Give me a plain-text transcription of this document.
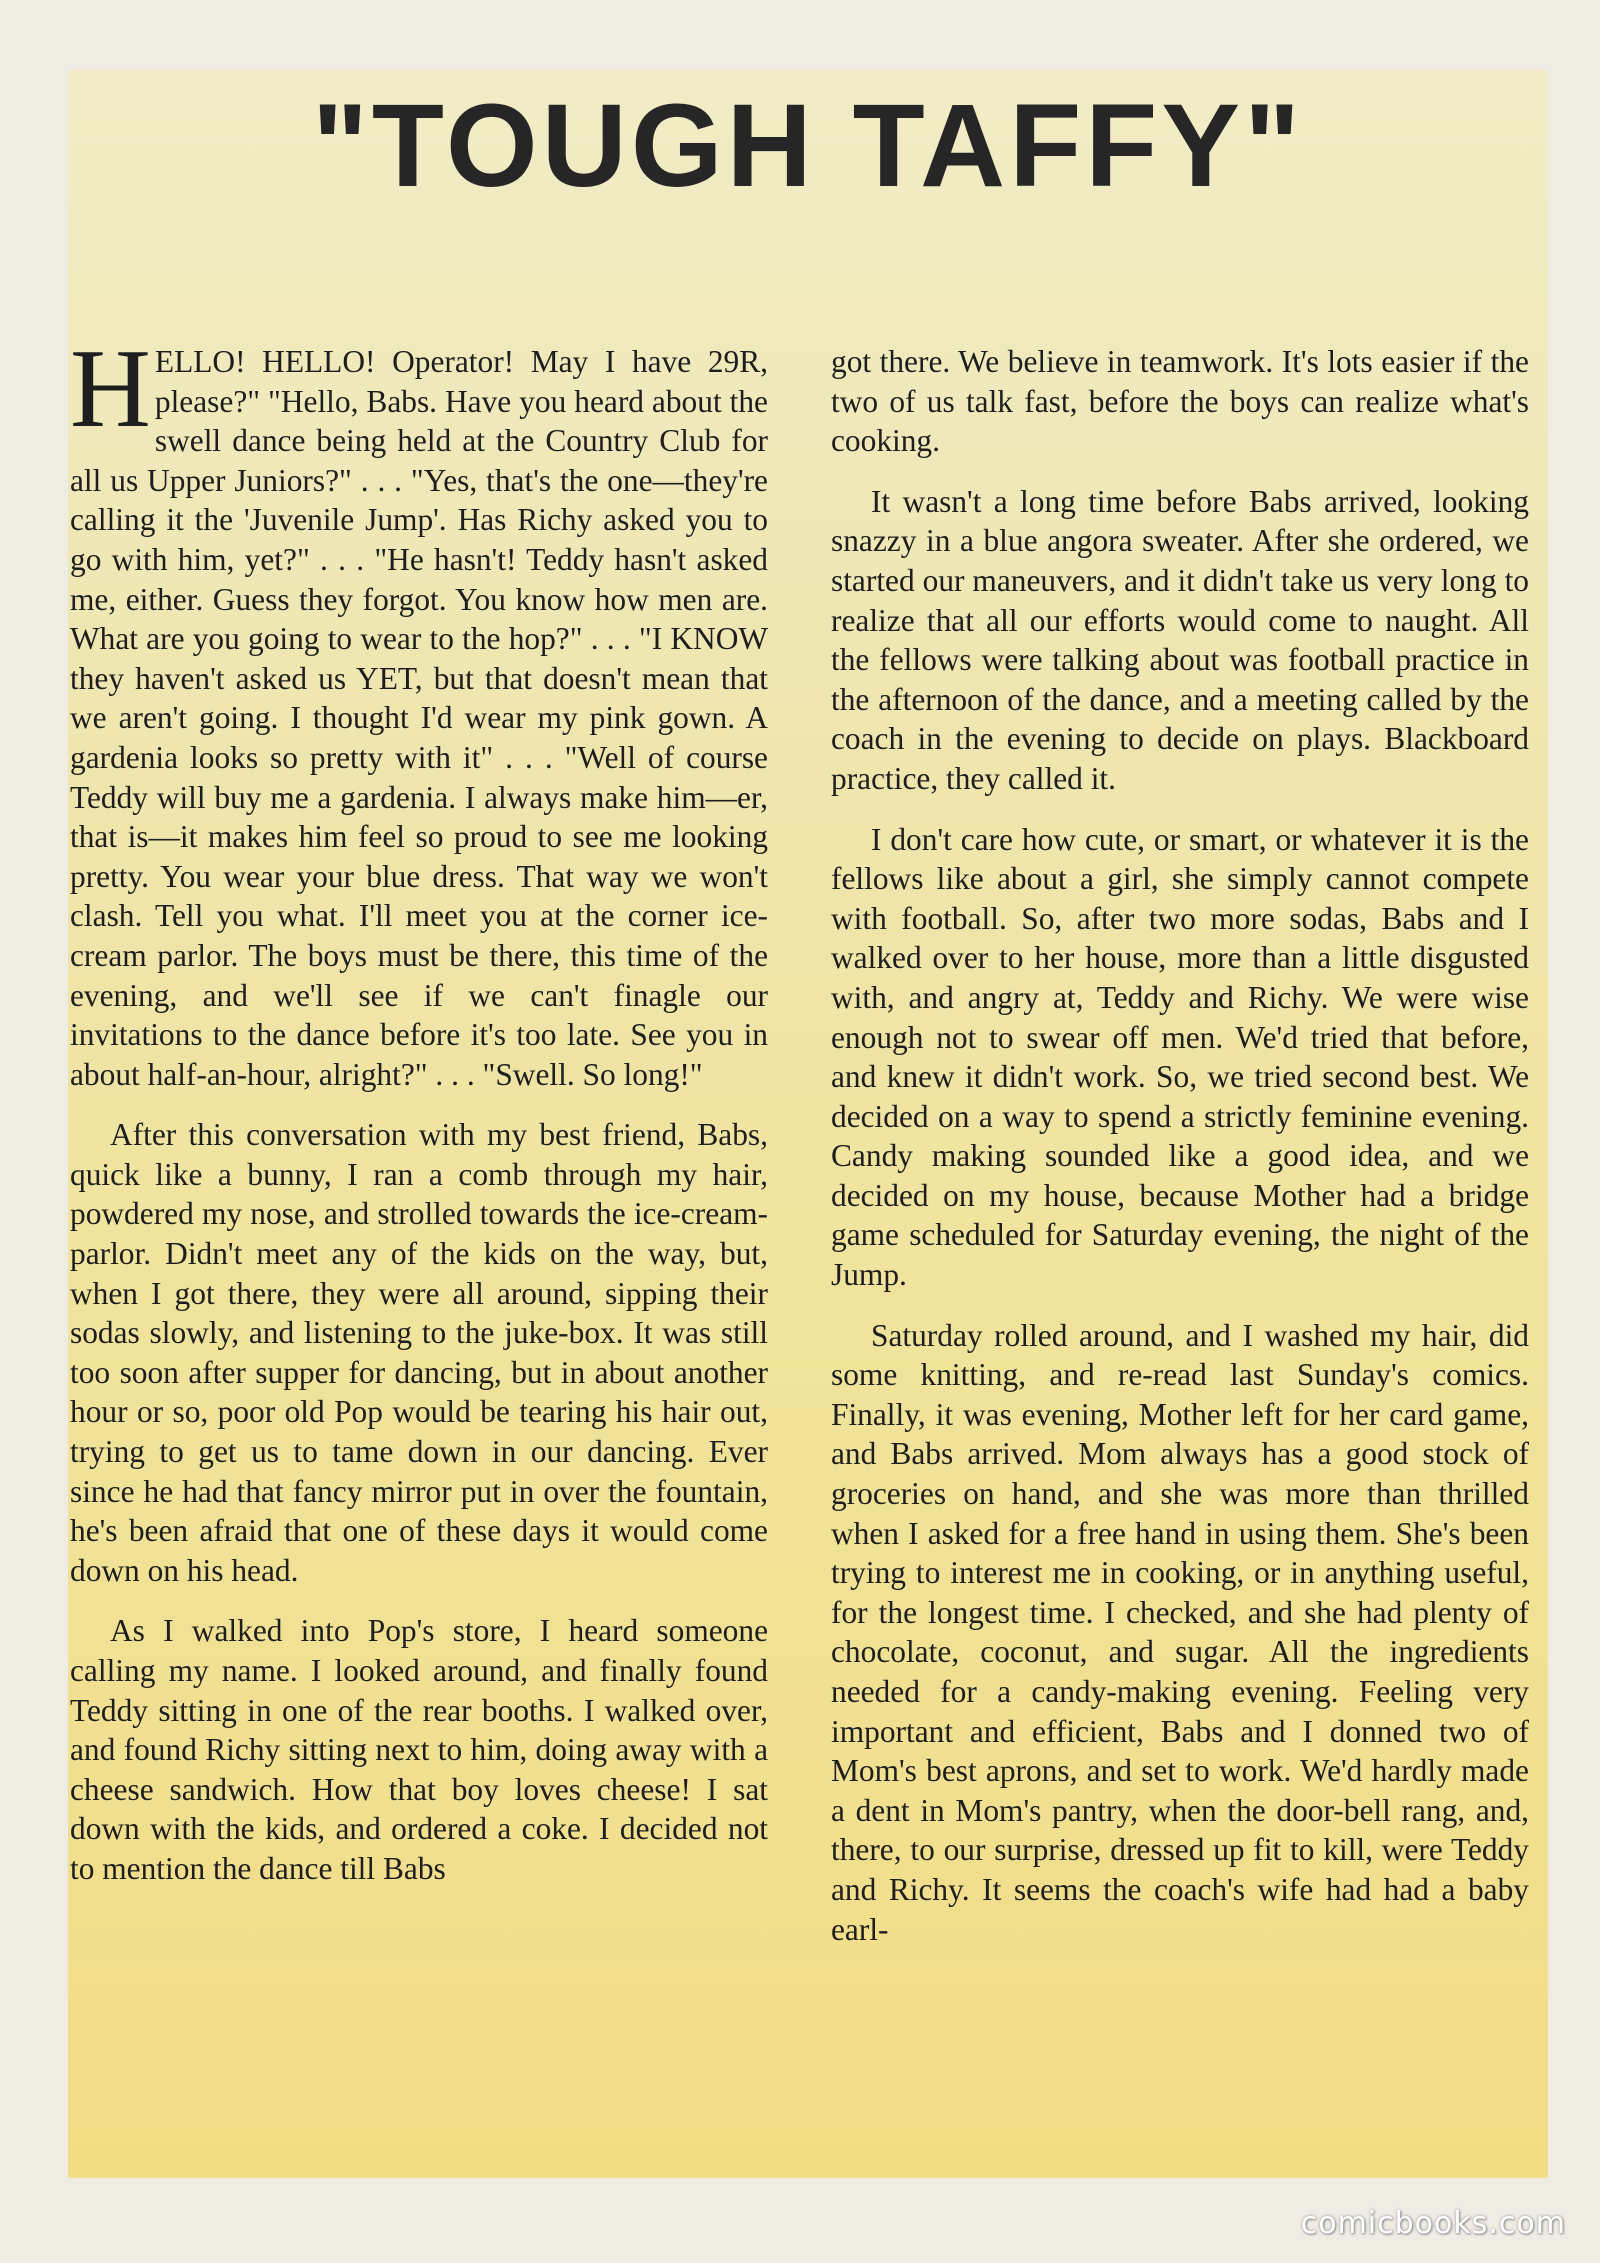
"TOUGH TAFFY"

HELLO! HELLO! Operator! May I have 29R, please?" "Hello, Babs. Have you heard about the swell dance being held at the Country Club for all us Upper Juniors?" . . . "Yes, that's the one—they're calling it the 'Juvenile Jump'. Has Richy asked you to go with him, yet?" . . . "He hasn't! Teddy hasn't asked me, either. Guess they forgot. You know how men are. What are you going to wear to the hop?" . . . "I KNOW they haven't asked us YET, but that doesn't mean that we aren't going. I thought I'd wear my pink gown. A gardenia looks so pretty with it" . . . "Well of course Teddy will buy me a gardenia. I always make him—er, that is—it makes him feel so proud to see me looking pretty. You wear your blue dress. That way we won't clash. Tell you what. I'll meet you at the corner ice-cream parlor. The boys must be there, this time of the evening, and we'll see if we can't finagle our invitations to the dance before it's too late. See you in about half-an-hour, alright?" . . . "Swell. So long!"

After this conversation with my best friend, Babs, quick like a bunny, I ran a comb through my hair, powdered my nose, and strolled towards the ice-cream-parlor. Didn't meet any of the kids on the way, but, when I got there, they were all around, sipping their sodas slowly, and listening to the juke-box. It was still too soon after supper for dancing, but in about another hour or so, poor old Pop would be tearing his hair out, trying to get us to tame down in our dancing. Ever since he had that fancy mirror put in over the fountain, he's been afraid that one of these days it would come down on his head.

As I walked into Pop's store, I heard someone calling my name. I looked around, and finally found Teddy sitting in one of the rear booths. I walked over, and found Richy sitting next to him, doing away with a cheese sandwich. How that boy loves cheese! I sat down with the kids, and ordered a coke. I decided not to mention the dance till Babs

got there. We believe in teamwork. It's lots easier if the two of us talk fast, before the boys can realize what's cooking.

It wasn't a long time before Babs arrived, looking snazzy in a blue angora sweater. After she ordered, we started our maneuvers, and it didn't take us very long to realize that all our efforts would come to naught. All the fellows were talking about was football practice in the afternoon of the dance, and a meeting called by the coach in the evening to decide on plays. Blackboard practice, they called it.

I don't care how cute, or smart, or whatever it is the fellows like about a girl, she simply cannot compete with football. So, after two more sodas, Babs and I walked over to her house, more than a little disgusted with, and angry at, Teddy and Richy. We were wise enough not to swear off men. We'd tried that before, and knew it didn't work. So, we tried second best. We decided on a way to spend a strictly feminine evening. Candy making sounded like a good idea, and we decided on my house, because Mother had a bridge game scheduled for Saturday evening, the night of the Jump.

Saturday rolled around, and I washed my hair, did some knitting, and re-read last Sunday's comics. Finally, it was evening, Mother left for her card game, and Babs arrived. Mom always has a good stock of groceries on hand, and she was more than thrilled when I asked for a free hand in using them. She's been trying to interest me in cooking, or in anything useful, for the longest time. I checked, and she had plenty of chocolate, coconut, and sugar. All the ingredients needed for a candy-making evening. Feeling very important and efficient, Babs and I donned two of Mom's best aprons, and set to work. We'd hardly made a dent in Mom's pantry, when the door-bell rang, and, there, to our surprise, dressed up fit to kill, were Teddy and Richy. It seems the coach's wife had had a baby earl-

comicbooks.com
